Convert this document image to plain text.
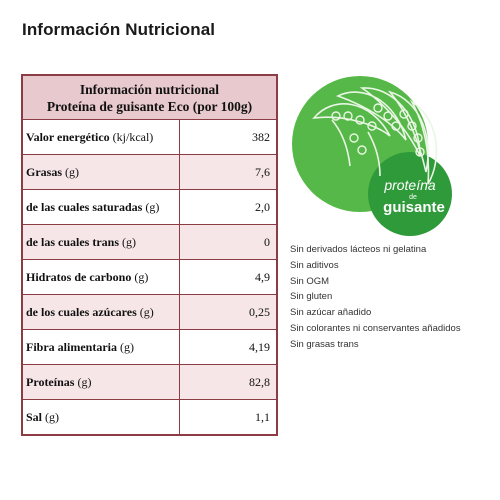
Información Nutricional
Información nutricional
Proteína de guisante Eco (por 100g)
Valor energético (kj/kcal)	382
Grasas (g)	7,6
de las cuales saturadas (g)	2,0
de las cuales trans (g)	0
Hidratos de carbono (g)	4,9
de los cuales azúcares (g)	0,25
Fibra alimentaria (g)	4,19
Proteínas (g)	82,8
Sal (g)	1,1
proteína
de
guisante
Sin derivados lácteos ni gelatina
Sin aditivos
Sin OGM
Sin gluten
Sin azúcar añadido
Sin colorantes ni conservantes añadidos
Sin grasas trans
